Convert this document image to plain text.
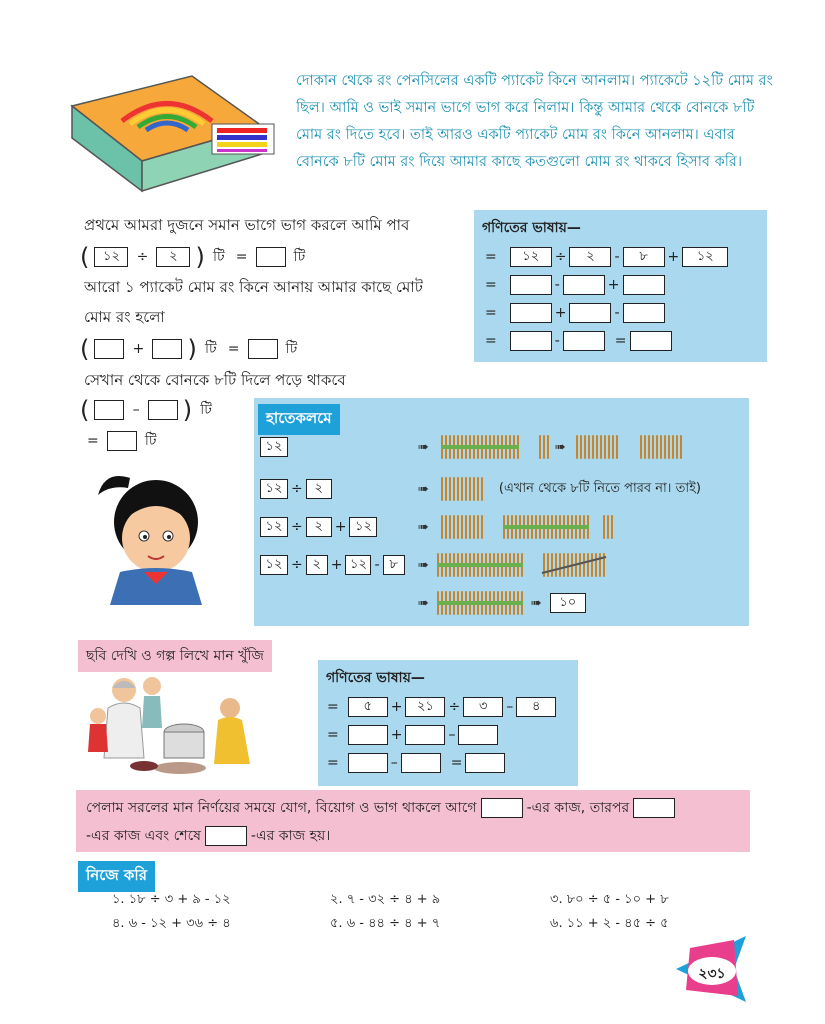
দোকান থেকে রং পেনসিলের একটি প্যাকেট কিনে আনলাম। প্যাকেটে ১২টি মোম রং ছিল। আমি ও ভাই সমান ভাগে ভাগ করে নিলাম। কিন্তু আমার থেকে বোনকে ৮টি মোম রং দিতে হবে। তাই আরও একটি প্যাকেট মোম রং কিনে আনলাম। এবার বোনকে ৮টি মোম রং দিয়ে আমার কাছে কতগুলো মোম রং থাকবে হিসাব করি।
প্রথমে আমরা দুজনে সমান ভাগে ভাগ করলে আমি পাব
( ১২ ÷ ২ ) টি =	টি
আরো ১ প্যাকেট মোম রং কিনে আনায় আমার কাছে মোট
মোম রং হলো
(	+ ) টি =	টি
সেখান থেকে বোনকে ৮টি দিলে পড়ে থাকবে
(	– ) টি
=	টি
গণিতের ভাষায়—
=	১২	÷	২	-	৮	+	১২
=	-	+
=	+	-
=	-	=
হাতেকলমে
১২	➠	➠
১২ ÷ ২	➠	(এখান থেকে ৮টি নিতে পারব না। তাই)
১২ ÷ ২ + ১২	➠
১২ ÷ ২ + ১২ - ৮	➠
➠	➠	১০
ছবি দেখি ও গল্প লিখে মান খুঁজি
গণিতের ভাষায়—
=	৫	+	২১	÷	৩	–	৪
=	+	–
=	–	=
পেলাম সরলের মান নির্ণয়ের সময়ে যোগ, বিয়োগ ও ভাগ থাকলে আগে	-এর কাজ, তারপর
-এর কাজ এবং শেষে	-এর কাজ হয়।
নিজে করি
১. ১৮ ÷ ৩ + ৯ - ১২	২. ৭ - ৩২ ÷ ৪ + ৯	৩. ৮০ ÷ ৫ - ১০ + ৮
৪. ৬ - ১২ + ৩৬ ÷ ৪	৫. ৬ - ৪৪ ÷ ৪ + ৭	৬. ১১ + ২ - ৪৫ ÷ ৫
২৩১
